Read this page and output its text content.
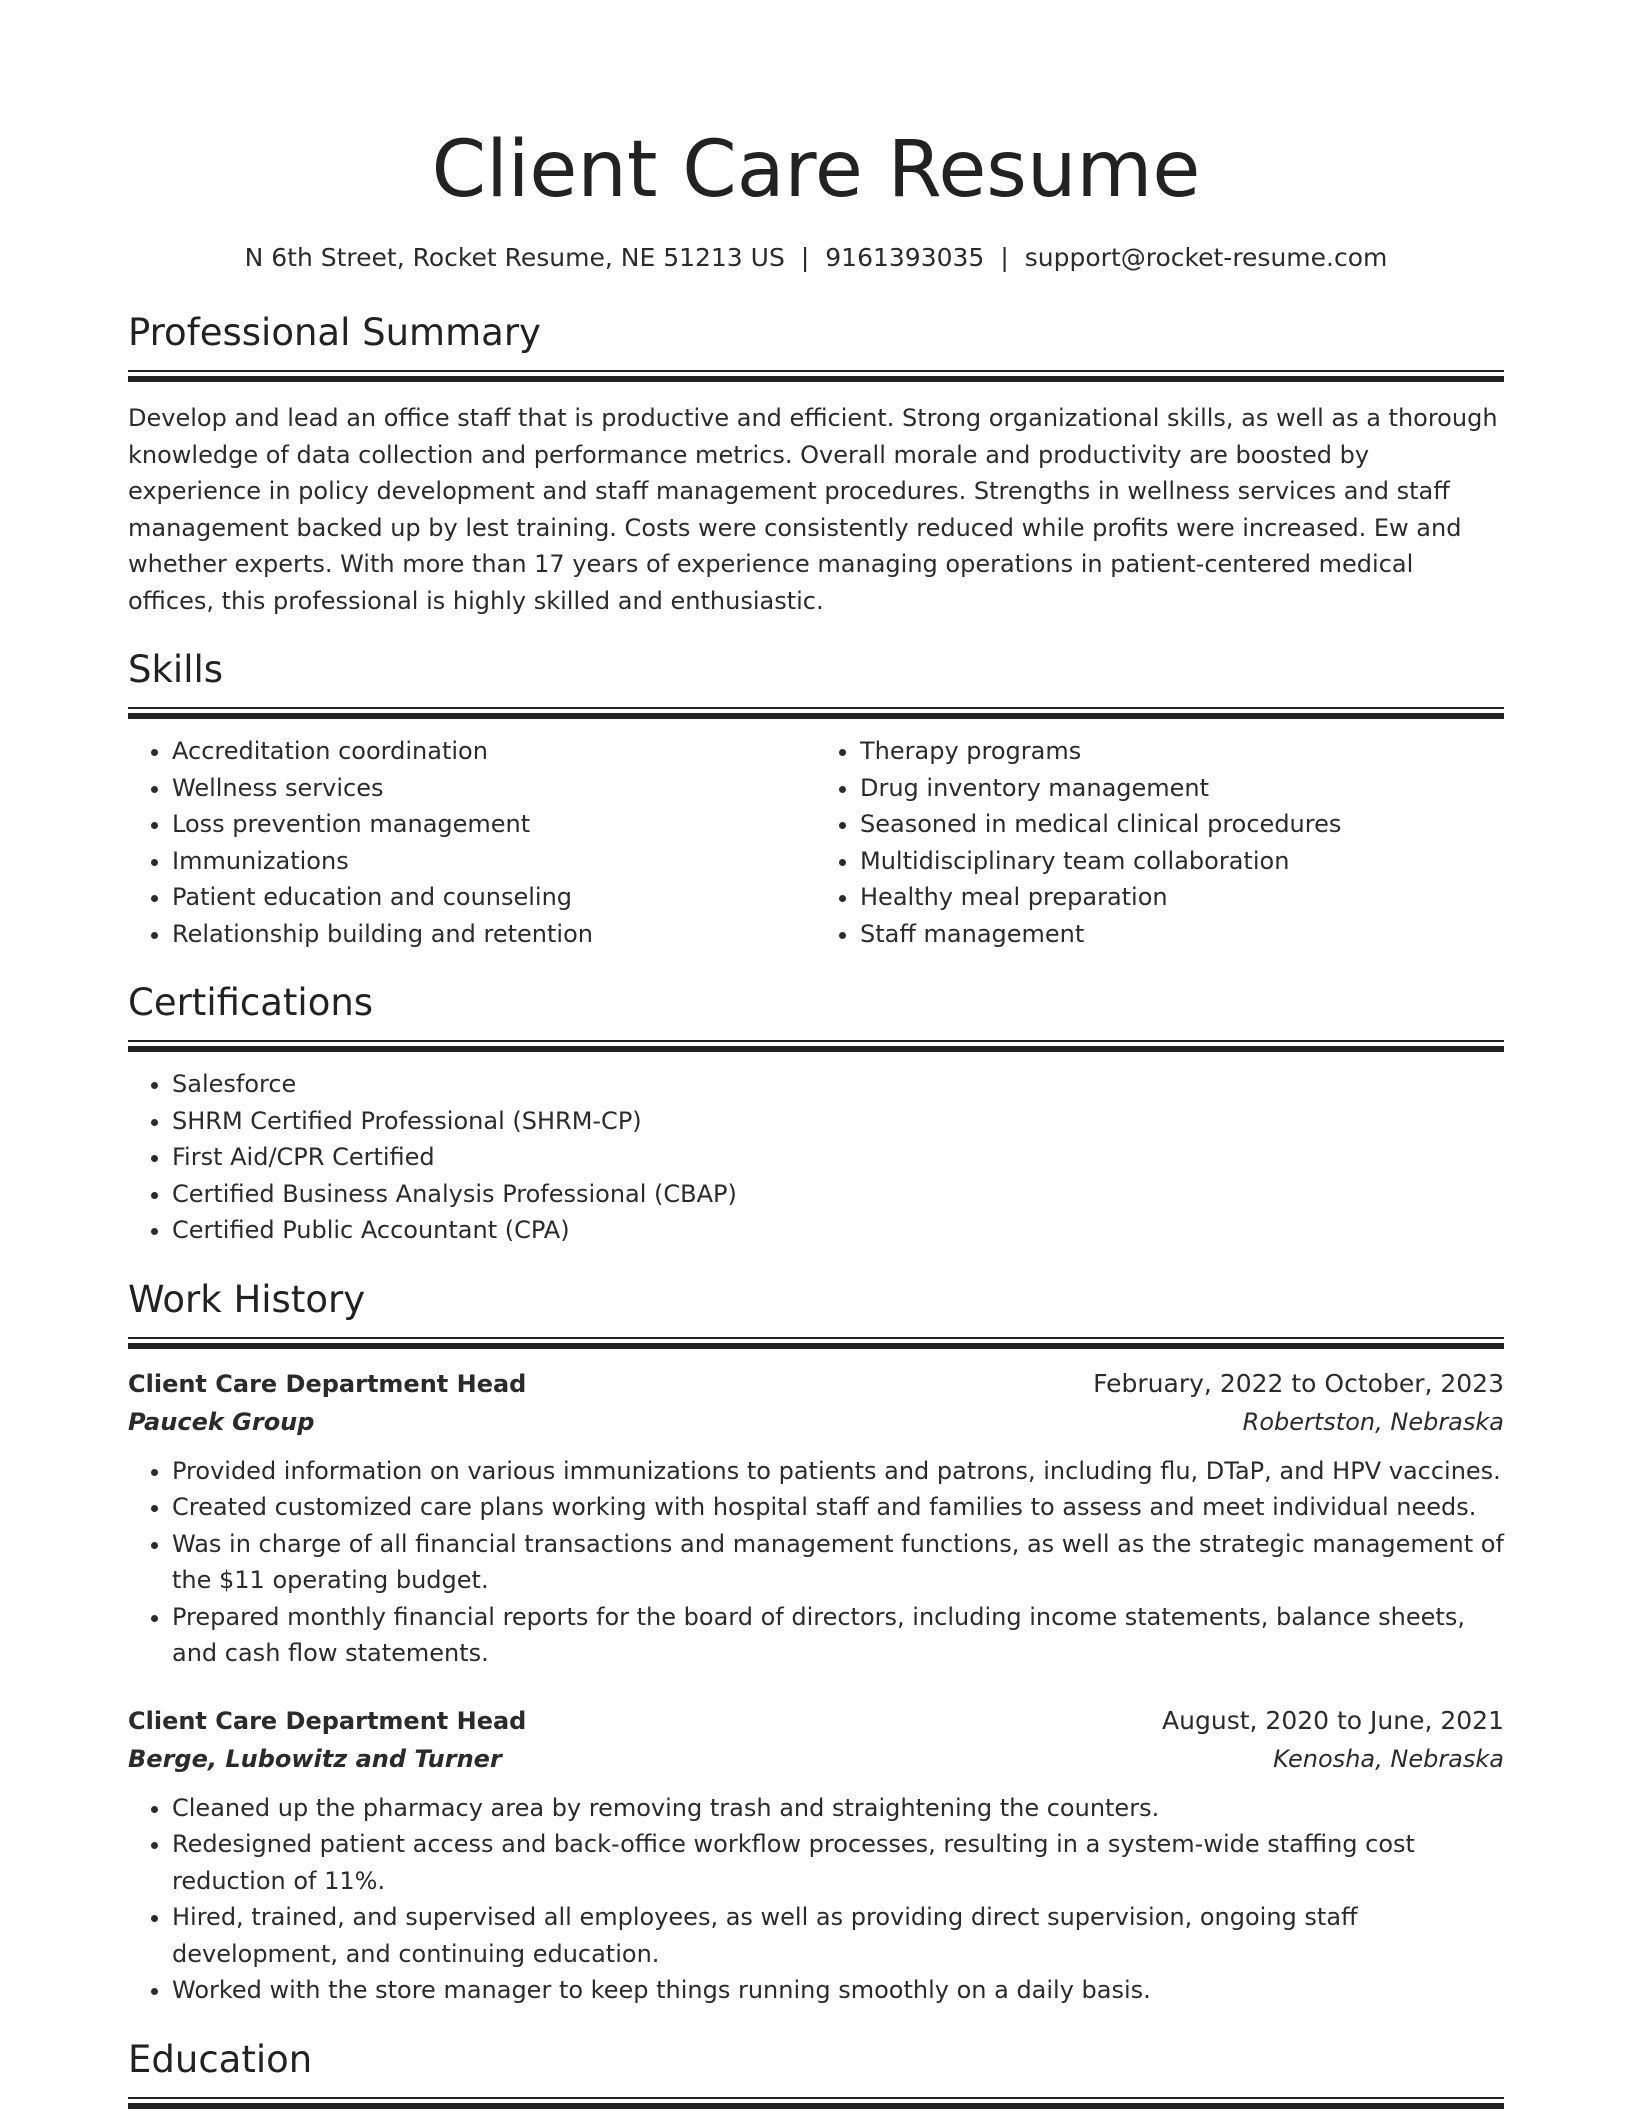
Client Care Resume
N 6th Street, Rocket Resume, NE 51213 US | 9161393035 | support@rocket-resume.com
Professional Summary

Develop and lead an office staff that is productive and efficient. Strong organizational skills, as well as a thorough knowledge of data collection and performance metrics. Overall morale and productivity are boosted by experience in policy development and staff management procedures. Strengths in wellness services and staff management backed up by lest training. Costs were consistently reduced while profits were increased. Ew and whether experts. With more than 17 years of experience managing operations in patient-centered medical offices, this professional is highly skilled and enthusiastic.

Skills
• Accreditation coordination
• Wellness services
• Loss prevention management
• Immunizations
• Patient education and counseling
• Relationship building and retention
• Therapy programs
• Drug inventory management
• Seasoned in medical clinical procedures
• Multidisciplinary team collaboration
• Healthy meal preparation
• Staff management
Certifications
• Salesforce
• SHRM Certified Professional (SHRM-CP)
• First Aid/CPR Certified
• Certified Business Analysis Professional (CBAP)
• Certified Public Accountant (CPA)
Work History
Client Care Department Head	February, 2022 to October, 2023
Paucek Group	Robertston, Nebraska
• Provided information on various immunizations to patients and patrons, including flu, DTaP, and HPV vaccines.
• Created customized care plans working with hospital staff and families to assess and meet individual needs.
• Was in charge of all financial transactions and management functions, as well as the strategic management of the $11 operating budget.
• Prepared monthly financial reports for the board of directors, including income statements, balance sheets, and cash flow statements.
Client Care Department Head	August, 2020 to June, 2021
Berge, Lubowitz and Turner	Kenosha, Nebraska
• Cleaned up the pharmacy area by removing trash and straightening the counters.
• Redesigned patient access and back-office workflow processes, resulting in a system-wide staffing cost reduction of 11%.
• Hired, trained, and supervised all employees, as well as providing direct supervision, ongoing staff development, and continuing education.
• Worked with the store manager to keep things running smoothly on a daily basis.
Education
